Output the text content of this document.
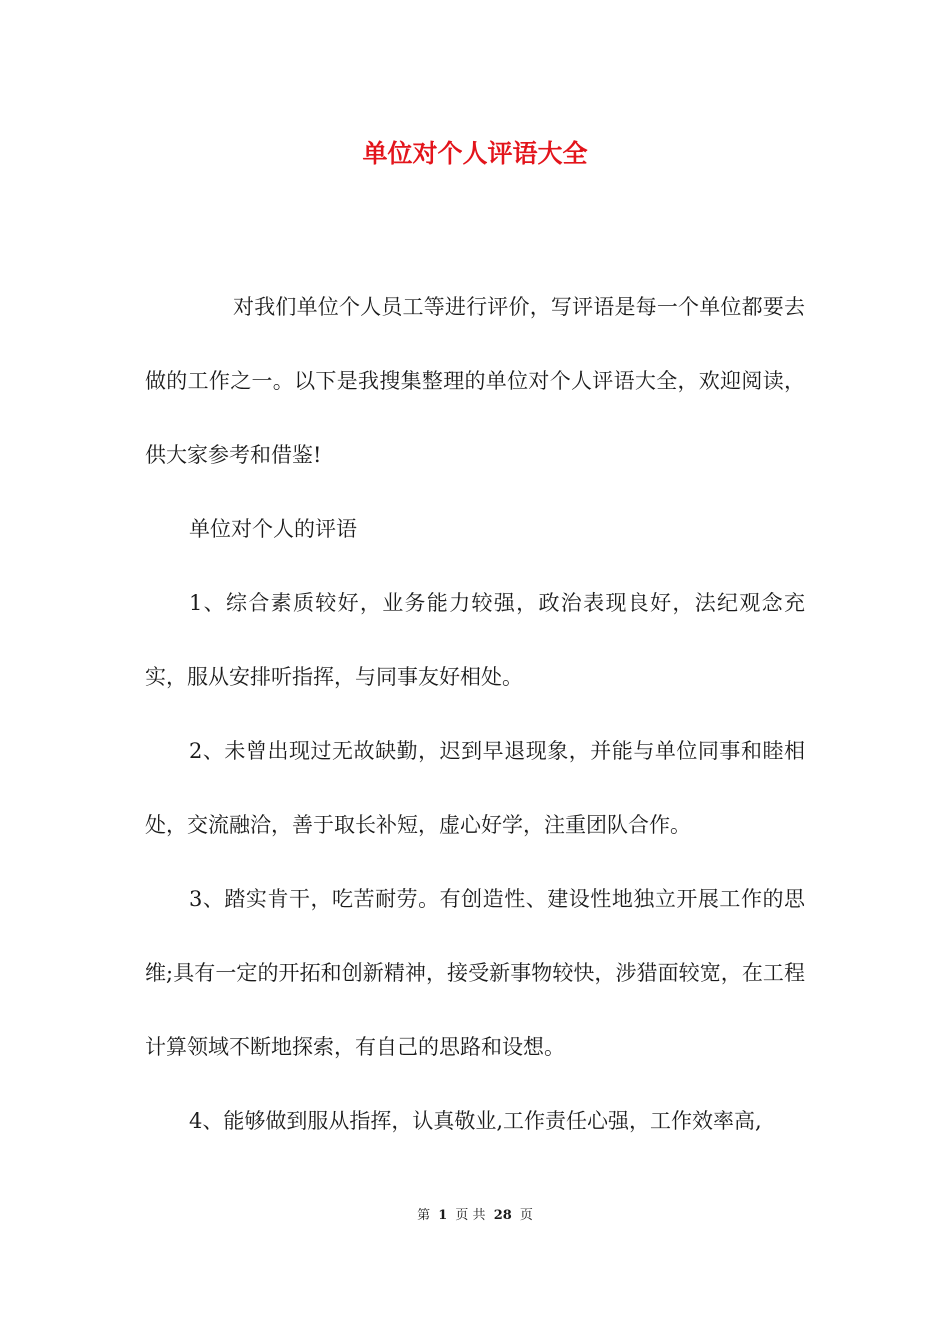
单位对个人评语大全

对我们单位个人员工等进行评价，写评语是每一个单位都要去做的工作之一。以下是我搜集整理的单位对个人评语大全，欢迎阅读，供大家参考和借鉴!

单位对个人的评语

1、综合素质较好，业务能力较强，政治表现良好，法纪观念充实，服从安排听指挥，与同事友好相处。

2、未曾出现过无故缺勤，迟到早退现象，并能与单位同事和睦相处，交流融洽，善于取长补短，虚心好学，注重团队合作。

3、踏实肯干，吃苦耐劳。有创造性、建设性地独立开展工作的思维;具有一定的开拓和创新精神，接受新事物较快，涉猎面较宽，在工程计算领域不断地探索，有自己的思路和设想。

4、能够做到服从指挥，认真敬业,工作责任心强，工作效率高,

第 1 页 共 28 页
